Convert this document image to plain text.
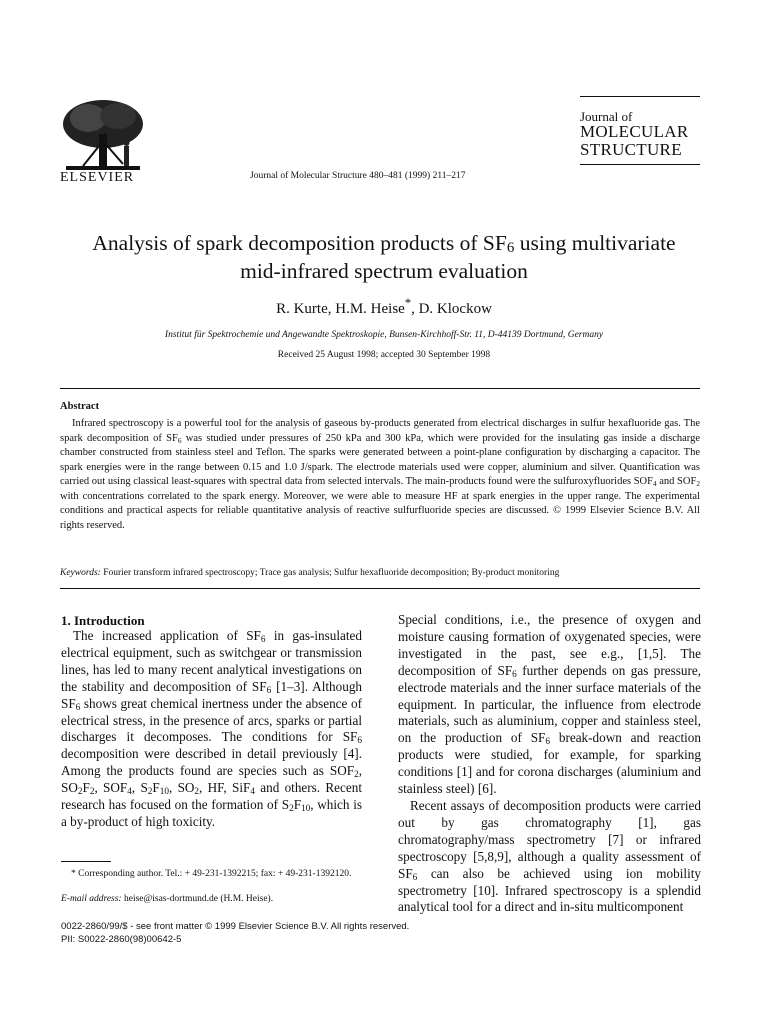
ELSEVIER	Journal of Molecular Structure 480–481 (1999) 211–217
Journal of
MOLECULAR
STRUCTURE
Analysis of spark decomposition products of $SF_6$ using multivariate
mid-infrared spectrum evaluation
R. Kurte, H.M. Heise*, D. Klockow
Institut für Spektrochemie und Angewandte Spektroskopie, Bunsen-Kirchhoff-Str. 11, D-44139 Dortmund, Germany
Received 25 August 1998; accepted 30 September 1998
Abstract
Infrared spectroscopy is a powerful tool for the analysis of gaseous by-products generated from electrical discharges in sulfur hexafluoride gas. The spark decomposition of $SF_6$ was studied under pressures of 250 kPa and 300 kPa, which were provided for the insulating gas inside a discharge chamber constructed from stainless steel and Teflon. The sparks were generated between a point-plane configuration by discharging a capacitor. The spark energies were in the range between 0.15 and 1.0 J/spark. The electrode materials used were copper, aluminium and silver. Quantification was carried out using classical least-squares with spectral data from selected intervals. The main-products found were the sulfuroxyfluorides $SOF_4$ and $SOF_2$ with concentrations correlated to the spark energy. Moreover, we were able to measure HF at spark energies in the upper range. The experimental conditions and practical aspects for reliable quantitative analysis of reactive sulfurfluoride species are discussed. © 1999 Elsevier Science B.V. All rights reserved.
Keywords: Fourier transform infrared spectroscopy; Trace gas analysis; Sulfur hexafluoride decomposition; By-product monitoring
1. Introduction

The increased application of $SF_6$ in gas-insulated electrical equipment, such as switchgear or transmission lines, has led to many recent analytical investigations on the stability and decomposition of $SF_6$ [1–3]. Although $SF_6$ shows great chemical inertness under the absence of electrical stress, in the presence of arcs, sparks or partial discharges it decomposes. The conditions for $SF_6$ decomposition were described in detail previously [4]. Among the products found are species such as $SOF_2$, $SO_2F_2$, $SOF_4$, $S_2F_{10}$, $SO_2$, HF, SiF$_4$ and others. Recent research has focused on the formation of $S_2F_{10}$, which is a by-product of high toxicity.

Special conditions, i.e., the presence of oxygen and moisture causing formation of oxygenated species, were investigated in the past, see e.g., [1,5]. The decomposition of $SF_6$ further depends on gas pressure, electrode materials and the inner surface materials of the equipment. In particular, the influence from electrode materials, such as aluminium, copper and stainless steel, on the production of $SF_6$ break-down and reaction products were studied, for example, for sparking conditions [1] and for corona discharges (aluminium and stainless steel) [6].

Recent assays of decomposition products were carried out by gas chromatography [1], gas chromatography/mass spectrometry [7] or infrared spectroscopy [5,8,9], although a quality assessment of $SF_6$ can also be achieved using ion mobility spectrometry [10]. Infrared spectroscopy is a splendid analytical tool for a direct and in-situ multicomponent

* Corresponding author. Tel.: + 49-231-1392215; fax: + 49-231-1392120.
E-mail address: heise@isas-dortmund.de (H.M. Heise).
0022-2860/99/$ - see front matter © 1999 Elsevier Science B.V. All rights reserved.
PII: S0022-2860(98)00642-5
